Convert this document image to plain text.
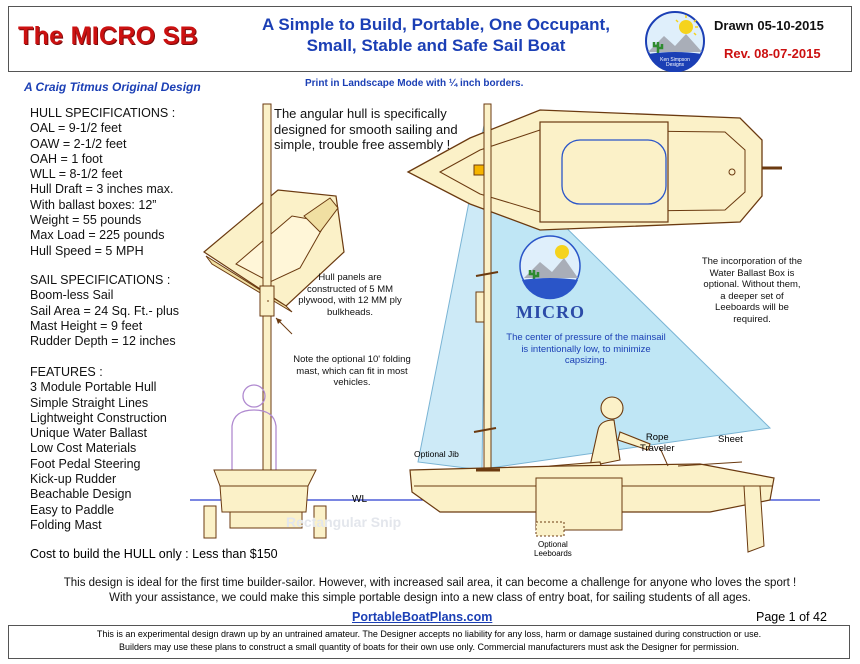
The MICRO SB	A Simple to Build, Portable, One Occupant,
Small, Stable and Safe Sail Boat
Ken Simpson
Designs
Drawn 05-10-2015
Rev. 08-07-2015
A Craig Titmus Original Design	Print in Landscape Mode with ¼ inch borders.
HULL SPECIFICATIONS :
OAL = 9-1/2 feet
OAW = 2-1/2 feet
OAH = 1 foot
WLL = 8-1/2 feet
Hull Draft = 3 inches max.
With ballast boxes: 12”
Weight = 55 pounds
Max Load = 225 pounds
Hull Speed = 5 MPH
SAIL SPECIFICATIONS :
Boom-less Sail
Sail Area = 24 Sq. Ft.- plus
Mast Height = 9 feet
Rudder Depth = 12 inches
FEATURES :
3 Module Portable Hull
Simple Straight Lines
Lightweight Construction
Unique Water Ballast
Low Cost Materials
Foot Pedal Steering
Kick-up Rudder
Beachable Design
Easy to Paddle
Folding Mast
Cost to build the HULL only : Less than $150
The angular hull is specifically designed for smooth sailing and simple, trouble free assembly !
Hull panels are constructed of 5 MM plywood, with 12 MM ply bulkheads.
Note the optional 10' folding mast, which can fit in most vehicles.
The incorporation of the Water Ballast Box is optional. Without them, a deeper set of Leeboards will be required.
MICRO
The center of pressure of the mainsail is intentionally low, to minimize capsizing.
Optional Jib
Rope
Traveler
Sheet
WL
Optional
Leeboards
Rectangular Snip
This design is ideal for the first time builder-sailor. However, with increased sail area, it can become a challenge for anyone who loves the sport !
With your assistance, we could make this simple portable design into a new class of entry boat, for sailing students of all ages.
PortableBoatPlans.com	Page 1 of 42
This is an experimental design drawn up by an untrained amateur. The Designer accepts no liability for any loss, harm or damage sustained during construction or use.
Builders may use these plans to construct a small quantity of boats for their own use only. Commercial manufacturers must ask the Designer for permission.
